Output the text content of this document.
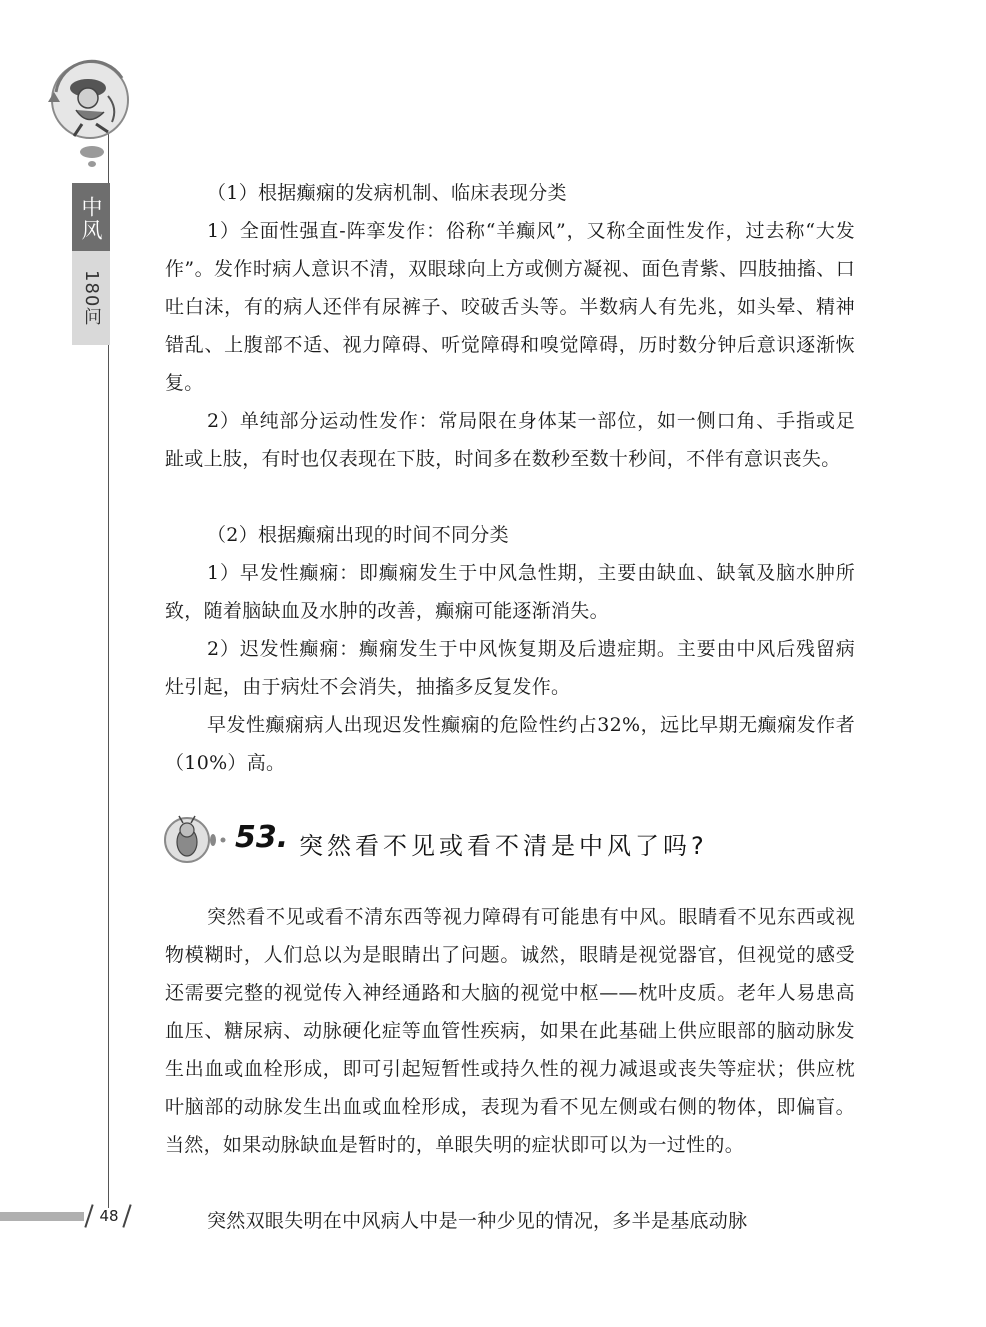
中风
180问
48

（1）根据癫痫的发病机制、临床表现分类

1）全面性强直-阵挛发作：俗称“羊癫风”，又称全面性发作，过去称“大发作”。发作时病人意识不清，双眼球向上方或侧方凝视、面色青紫、四肢抽搐、口吐白沫，有的病人还伴有尿裤子、咬破舌头等。半数病人有先兆，如头晕、精神错乱、上腹部不适、视力障碍、听觉障碍和嗅觉障碍，历时数分钟后意识逐渐恢复。

2）单纯部分运动性发作：常局限在身体某一部位，如一侧口角、手指或足趾或上肢，有时也仅表现在下肢，时间多在数秒至数十秒间，不伴有意识丧失。

（2）根据癫痫出现的时间不同分类

1）早发性癫痫：即癫痫发生于中风急性期，主要由缺血、缺氧及脑水肿所致，随着脑缺血及水肿的改善，癫痫可能逐渐消失。

2）迟发性癫痫：癫痫发生于中风恢复期及后遗症期。主要由中风后残留病灶引起，由于病灶不会消失，抽搐多反复发作。

早发性癫痫病人出现迟发性癫痫的危险性约占32%，远比早期无癫痫发作者（10%）高。

53. 突然看不见或看不清是中风了吗?

突然看不见或看不清东西等视力障碍有可能患有中风。眼睛看不见东西或视物模糊时，人们总以为是眼睛出了问题。诚然，眼睛是视觉器官，但视觉的感受还需要完整的视觉传入神经通路和大脑的视觉中枢——枕叶皮质。老年人易患高血压、糖尿病、动脉硬化症等血管性疾病，如果在此基础上供应眼部的脑动脉发生出血或血栓形成，即可引起短暂性或持久性的视力减退或丧失等症状；供应枕叶脑部的动脉发生出血或血栓形成，表现为看不见左侧或右侧的物体，即偏盲。当然，如果动脉缺血是暂时的，单眼失明的症状即可以为一过性的。

突然双眼失明在中风病人中是一种少见的情况，多半是基底动脉
